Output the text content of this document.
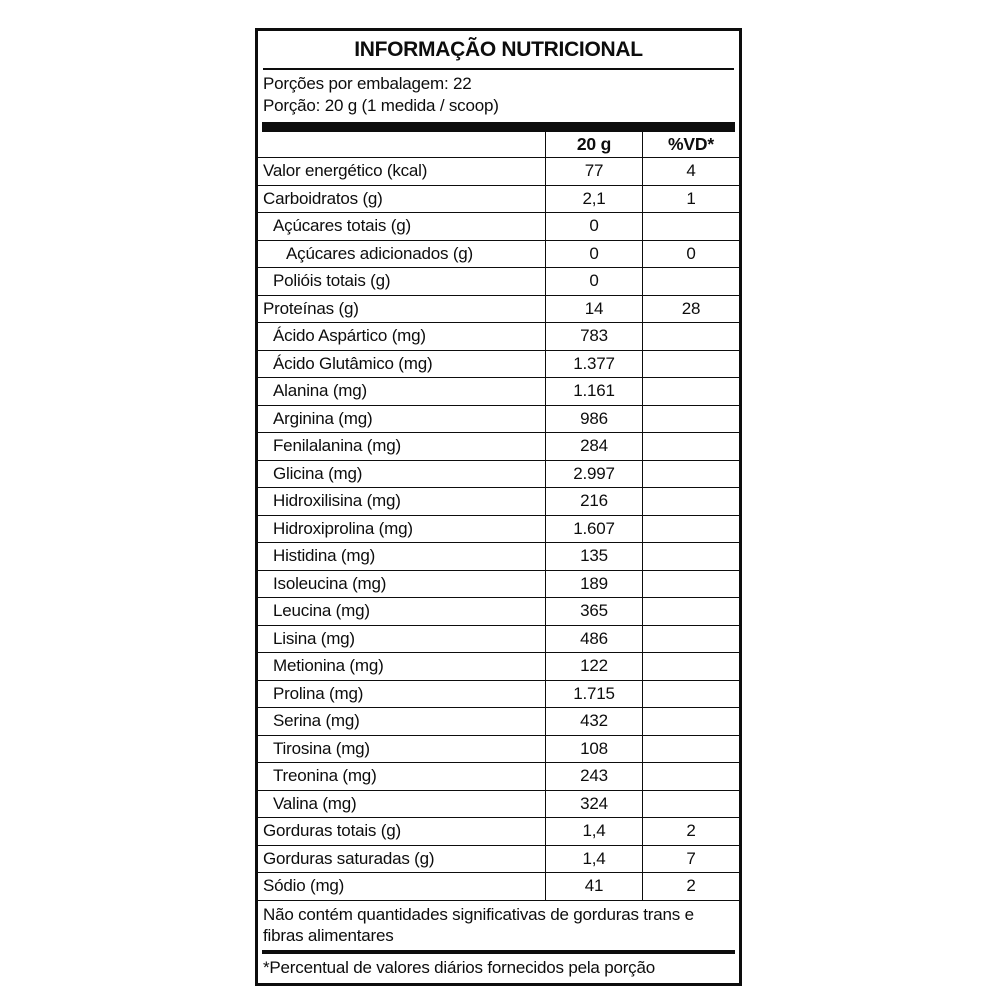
INFORMAÇÃO NUTRICIONAL
Porções por embalagem: 22
Porção: 20 g (1 medida / scoop)
20 g	%VD*
Valor energético (kcal)	77	4
Carboidratos (g)	2,1	1
Açúcares totais (g)	0
Açúcares adicionados (g)	0	0
Polióis totais (g)	0
Proteínas (g)	14	28
Ácido Aspártico (mg)	783
Ácido Glutâmico (mg)	1.377
Alanina (mg)	1.161
Arginina (mg)	986
Fenilalanina (mg)	284
Glicina (mg)	2.997
Hidroxilisina (mg)	216
Hidroxiprolina (mg)	1.607
Histidina (mg)	135
Isoleucina (mg)	189
Leucina (mg)	365
Lisina (mg)	486
Metionina (mg)	122
Prolina (mg)	1.715
Serina (mg)	432
Tirosina (mg)	108
Treonina (mg)	243
Valina (mg)	324
Gorduras totais (g)	1,4	2
Gorduras saturadas (g)	1,4	7
Sódio (mg)	41	2
Não contém quantidades significativas de gorduras trans e
fibras alimentares
*Percentual de valores diários fornecidos pela porção
